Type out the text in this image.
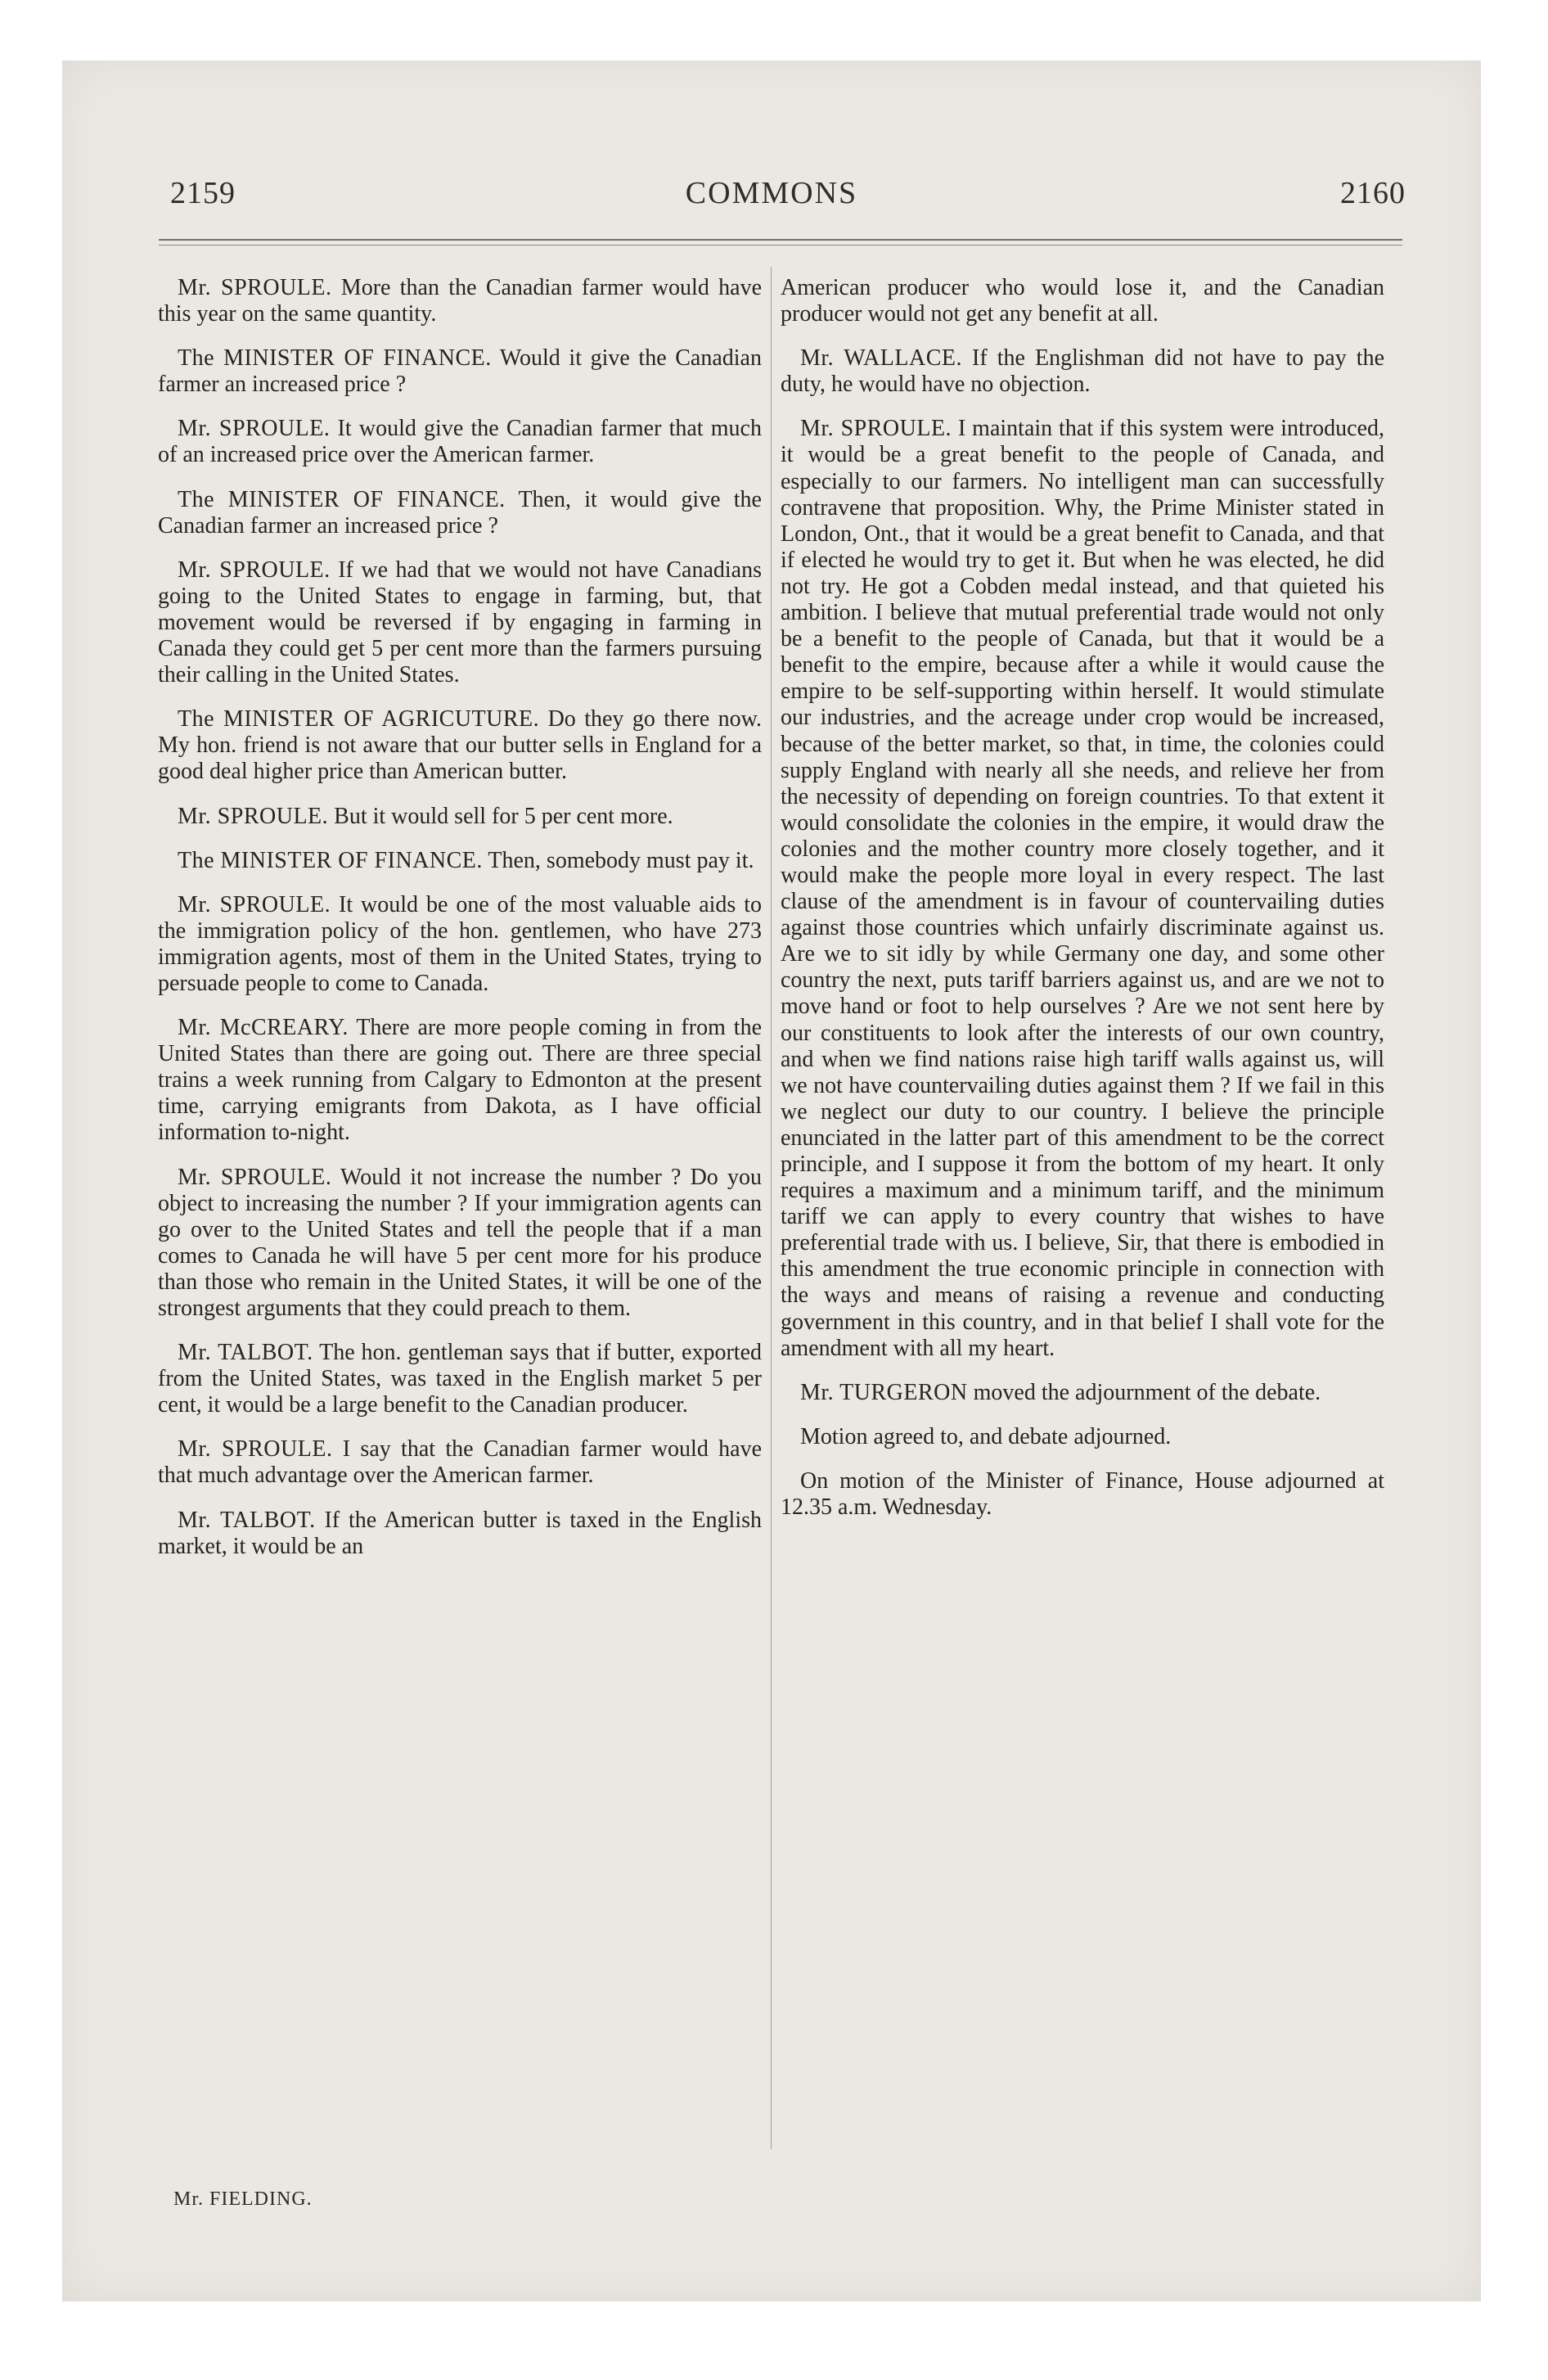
2159	COMMONS	2160

Mr. SPROULE. More than the Canadian farmer would have this year on the same quantity.

The MINISTER OF FINANCE. Would it give the Canadian farmer an increased price ?

Mr. SPROULE. It would give the Canadian farmer that much of an increased price over the American farmer.

The MINISTER OF FINANCE. Then, it would give the Canadian farmer an increased price ?

Mr. SPROULE. If we had that we would not have Canadians going to the United States to engage in farming, but, that movement would be reversed if by engaging in farming in Canada they could get 5 per cent more than the farmers pursuing their calling in the United States.

The MINISTER OF AGRICUTURE. Do they go there now. My hon. friend is not aware that our butter sells in England for a good deal higher price than American butter.

Mr. SPROULE. But it would sell for 5 per cent more.

The MINISTER OF FINANCE. Then, somebody must pay it.

Mr. SPROULE. It would be one of the most valuable aids to the immigration policy of the hon. gentlemen, who have 273 immigration agents, most of them in the United States, trying to persuade people to come to Canada.

Mr. McCREARY. There are more people coming in from the United States than there are going out. There are three special trains a week running from Calgary to Edmonton at the present time, carrying emigrants from Dakota, as I have official information to-night.

Mr. SPROULE. Would it not increase the number ? Do you object to increasing the number ? If your immigration agents can go over to the United States and tell the people that if a man comes to Canada he will have 5 per cent more for his produce than those who remain in the United States, it will be one of the strongest arguments that they could preach to them.

Mr. TALBOT. The hon. gentleman says that if butter, exported from the United States, was taxed in the English market 5 per cent, it would be a large benefit to the Canadian producer.

Mr. SPROULE. I say that the Canadian farmer would have that much advantage over the American farmer.

Mr. TALBOT. If the American butter is taxed in the English market, it would be an

American producer who would lose it, and the Canadian producer would not get any benefit at all.

Mr. WALLACE. If the Englishman did not have to pay the duty, he would have no objection.

Mr. SPROULE. I maintain that if this system were introduced, it would be a great benefit to the people of Canada, and especially to our farmers. No intelligent man can successfully contravene that proposition. Why, the Prime Minister stated in London, Ont., that it would be a great benefit to Canada, and that if elected he would try to get it. But when he was elected, he did not try. He got a Cobden medal instead, and that quieted his ambition. I believe that mutual preferential trade would not only be a benefit to the people of Canada, but that it would be a benefit to the empire, because after a while it would cause the empire to be self-supporting within herself. It would stimulate our industries, and the acreage under crop would be increased, because of the better market, so that, in time, the colonies could supply England with nearly all she needs, and relieve her from the necessity of depending on foreign countries. To that extent it would consolidate the colonies in the empire, it would draw the colonies and the mother country more closely together, and it would make the people more loyal in every respect. The last clause of the amendment is in favour of countervailing duties against those countries which unfairly discriminate against us. Are we to sit idly by while Germany one day, and some other country the next, puts tariff barriers against us, and are we not to move hand or foot to help ourselves ? Are we not sent here by our constituents to look after the interests of our own country, and when we find nations raise high tariff walls against us, will we not have countervailing duties against them ? If we fail in this we neglect our duty to our country. I believe the principle enunciated in the latter part of this amendment to be the correct principle, and I suppose it from the bottom of my heart. It only requires a maximum and a minimum tariff, and the minimum tariff we can apply to every country that wishes to have preferential trade with us. I believe, Sir, that there is embodied in this amendment the true economic principle in connection with the ways and means of raising a revenue and conducting government in this country, and in that belief I shall vote for the amendment with all my heart.

Mr. TURGERON moved the adjournment of the debate.

Motion agreed to, and debate adjourned.

On motion of the Minister of Finance, House adjourned at 12.35 a.m. Wednesday.

Mr. FIELDING.
